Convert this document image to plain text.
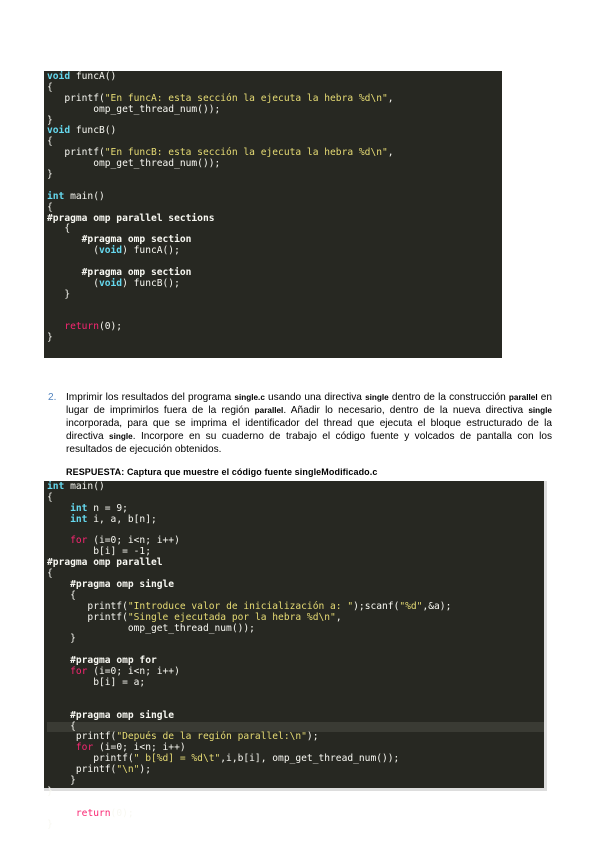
void funcA()
{
printf("En funcA: esta sección la ejecuta la hebra %d\n",
omp_get_thread_num());
}
void funcB()
{
printf("En funcB: esta sección la ejecuta la hebra %d\n",
omp_get_thread_num());
}
int main()
{
#pragma omp parallel sections
{
#pragma omp section
(void) funcA();
#pragma omp section
(void) funcB();
}
return(0);
}
2. Imprimir los resultados del programa single.c usando una directiva single dentro de la construcción parallel en lugar de imprimirlos fuera de la región parallel. Añadir lo necesario, dentro de la nueva directiva single incorporada, para que se imprima el identificador del thread que ejecuta el bloque estructurado de la directiva single. Incorpore en su cuaderno de trabajo el código fuente y volcados de pantalla con los resultados de ejecución obtenidos.
RESPUESTA: Captura que muestre el código fuente singleModificado.c
int main()
{
int n = 9;
int i, a, b[n];
for (i=0; i<n; i++)
b[i] = -1;
#pragma omp parallel
{
#pragma omp single
{
printf("Introduce valor de inicialización a: ");scanf("%d",&a);
printf("Single ejecutada por la hebra %d\n",
omp_get_thread_num());
}
#pragma omp for
for (i=0; i<n; i++)
b[i] = a;
#pragma omp single
{
printf("Depués de la región parallel:\n");
for (i=0; i<n; i++)
printf(" b[%d] = %d\t",i,b[i], omp_get_thread_num());
printf("\n");
}
}
return(0);
}
